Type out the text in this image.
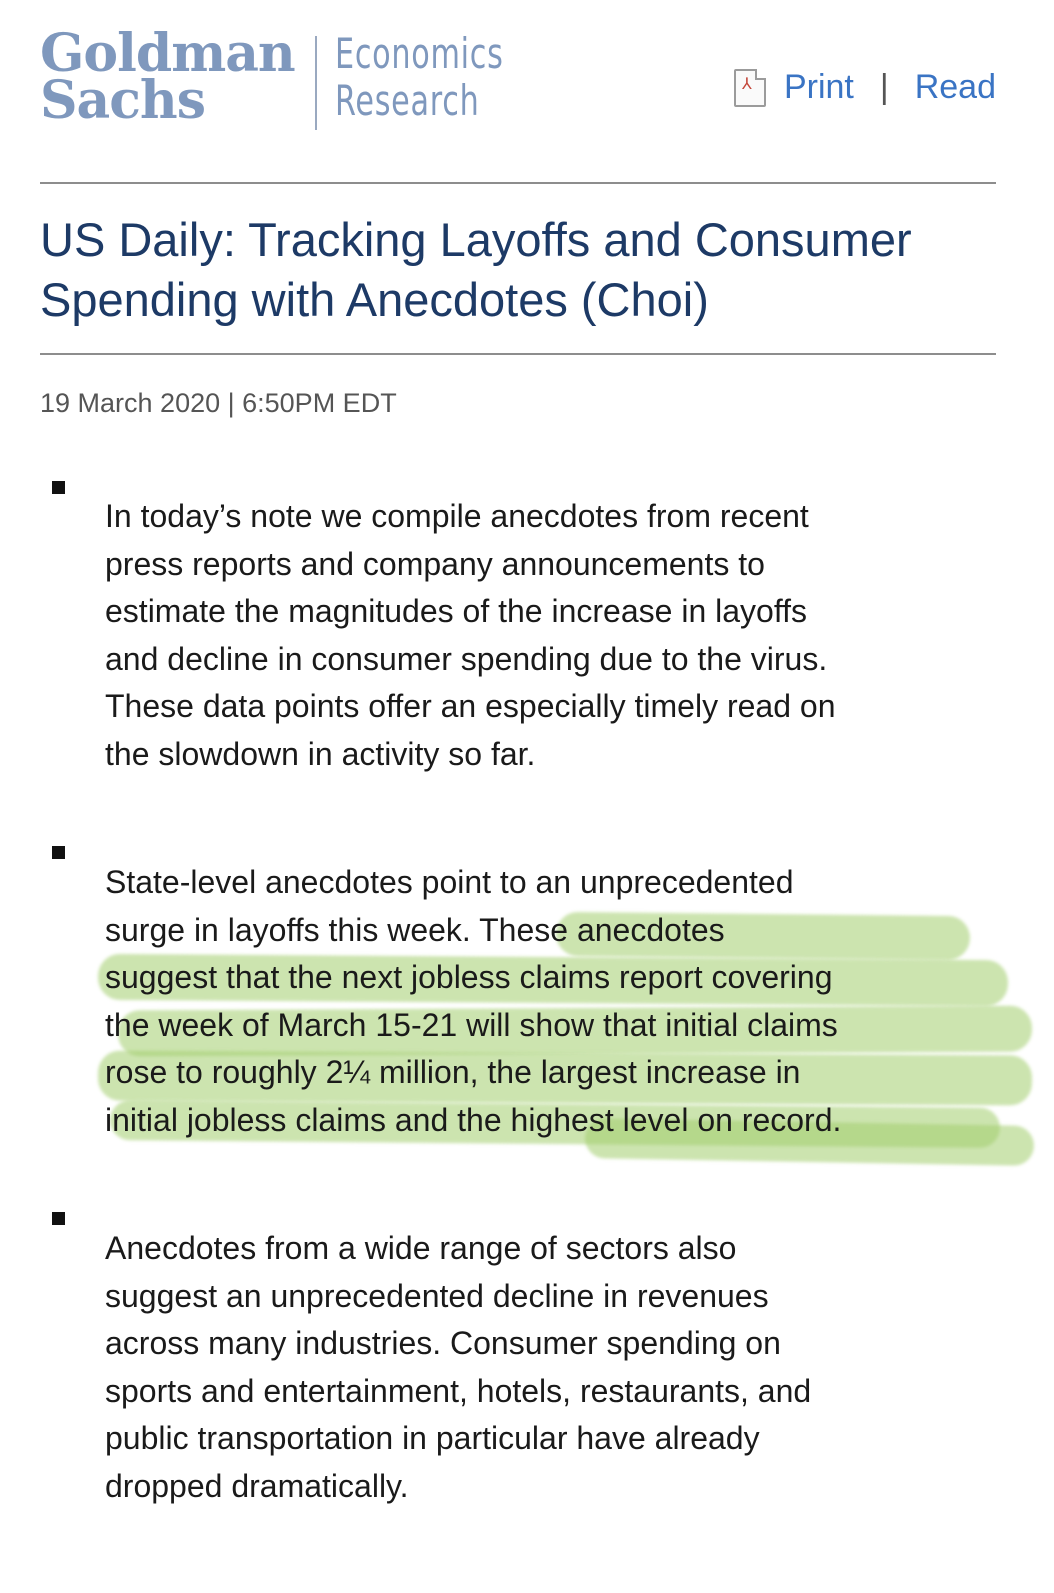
Goldman
Sachs
Economics
Research
⅄	Print | Read
US Daily: Tracking Layoffs and Consumer
Spending with Anecdotes (Choi)
19 March 2020 | 6:50PM EDT

In today’s note we compile anecdotes from recent
press reports and company announcements to
estimate the magnitudes of the increase in layoffs
and decline in consumer spending due to the virus.
These data points offer an especially timely read on
the slowdown in activity so far.

State-level anecdotes point to an unprecedented
surge in layoffs this week. These anecdotes
suggest that the next jobless claims report covering
the week of March 15-21 will show that initial claims
rose to roughly 2¼ million, the largest increase in
initial jobless claims and the highest level on record.

Anecdotes from a wide range of sectors also
suggest an unprecedented decline in revenues
across many industries. Consumer spending on
sports and entertainment, hotels, restaurants, and
public transportation in particular have already
dropped dramatically.
